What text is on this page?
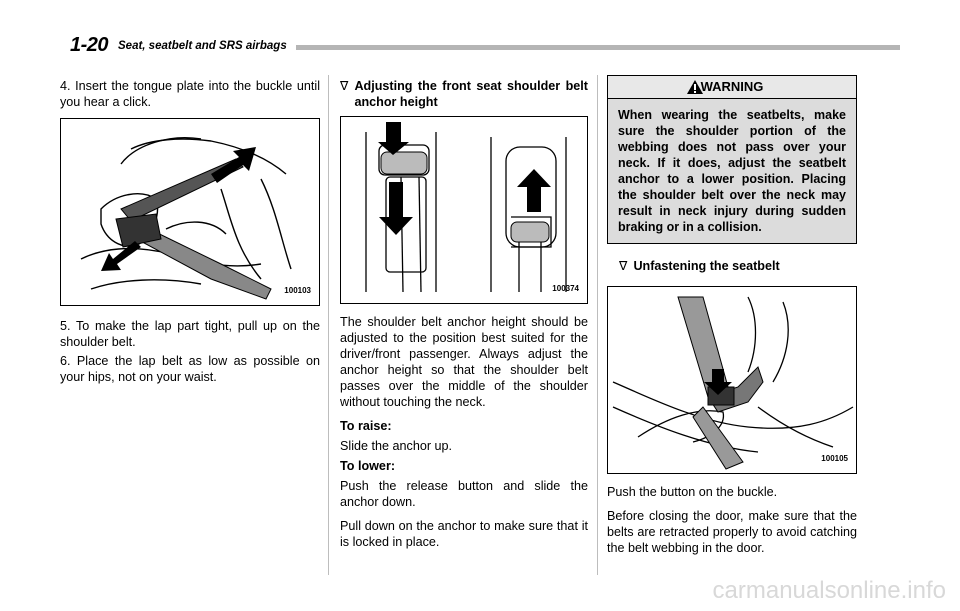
1-20 Seat, seatbelt and SRS airbags

4. Insert the tongue plate into the buckle until you hear a click.

100103

5. To make the lap part tight, pull up on the shoulder belt.

6. Place the lap belt as low as possible on your hips, not on your waist.

∇ Adjusting the front seat shoulder belt anchor height

100374

The shoulder belt anchor height should be adjusted to the position best suited for the driver/front passenger. Always adjust the anchor height so that the shoulder belt passes over the middle of the shoulder without touching the neck.

To raise:

Slide the anchor up.

To lower:

Push the release button and slide the anchor down.

Pull down on the anchor to make sure that it is locked in place.

WARNING
When wearing the seatbelts, make sure the shoulder portion of the webbing does not pass over your neck. If it does, adjust the seatbelt anchor to a lower position. Placing the shoulder belt over the neck may result in neck injury during sudden braking or in a collision.

∇ Unfastening the seatbelt

100105

Push the button on the buckle.

Before closing the door, make sure that the belts are retracted properly to avoid catching the belt webbing in the door.

carmanualsonline.info
